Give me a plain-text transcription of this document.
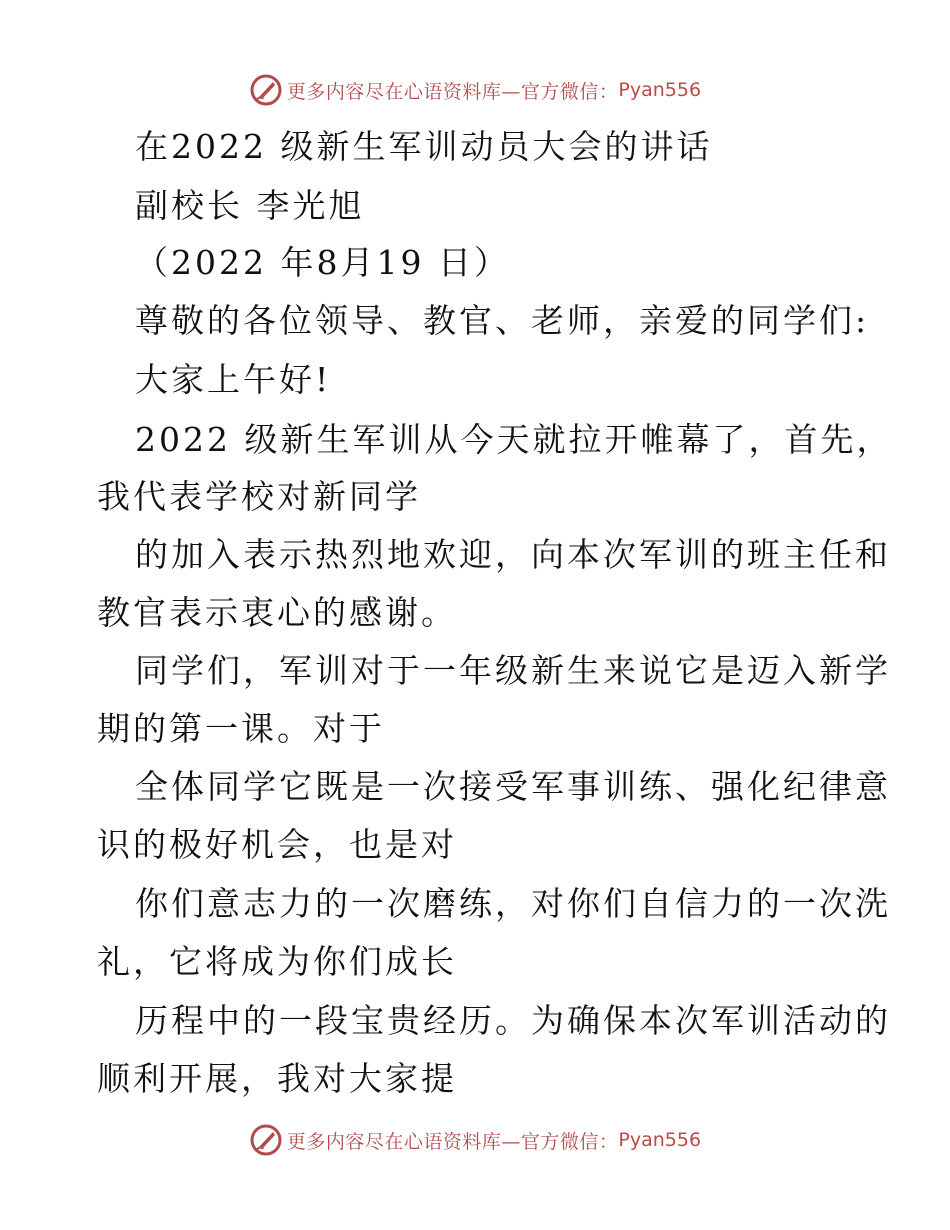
更多内容尽在心语资料库—官方微信： Pyan556
在2022 级新生军训动员大会的讲话
副校长 李光旭
（2022 年8月19 日）
尊敬的各位领导、教官、老师，亲爱的同学们:
大家上午好!
2022 级新生军训从今天就拉开帷幕了，首先，
我代表学校对新同学
的加入表示热烈地欢迎，向本次军训的班主任和
教官表示衷心的感谢。
同学们，军训对于一年级新生来说它是迈入新学
期的第一课。对于
全体同学它既是一次接受军事训练、强化纪律意
识的极好机会，也是对
你们意志力的一次磨练，对你们自信力的一次洗
礼，它将成为你们成长
历程中的一段宝贵经历。为确保本次军训活动的
顺利开展，我对大家提
更多内容尽在心语资料库—官方微信： Pyan556
